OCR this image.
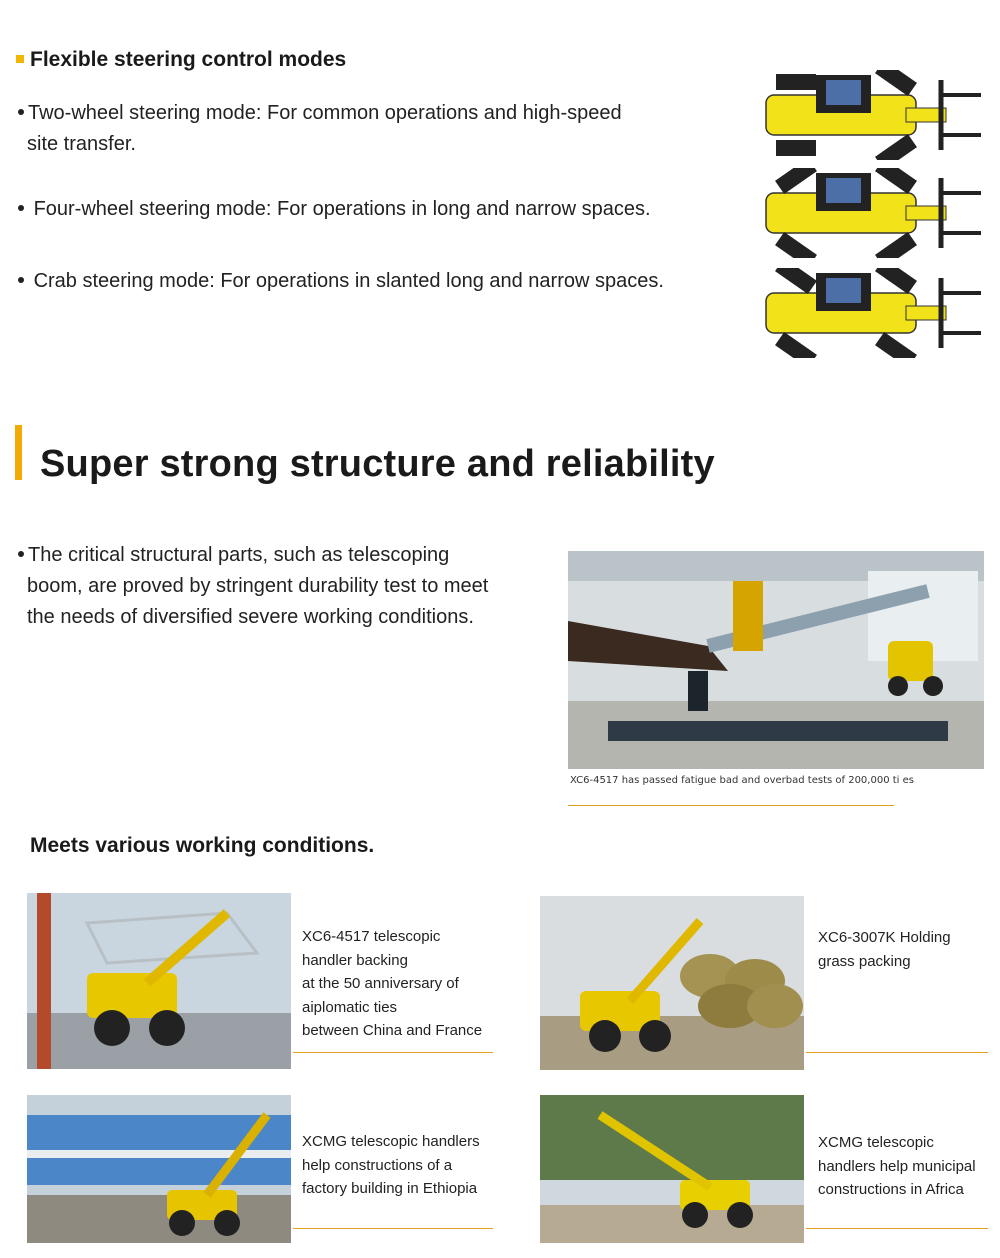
Flexible steering control modes
Two-wheel steering mode: For common operations and high-speed
site transfer.
Four-wheel steering mode: For operations in long and narrow spaces.
Crab steering mode: For operations in slanted long and narrow spaces.
Super strong structure and reliability
The critical structural parts, such as telescoping
boom, are proved by stringent durability test to meet
the needs of diversified severe working conditions.
XC6-4517 has passed fatigue bad and overbad tests of 200,000 ti es
Meets various working conditions.
XC6-4517 telescopic
handler backing
at the 50 anniversary of
aiplomatic ties
between China and France
XC6-3007K Holding
grass packing
XCMG telescopic handlers
help constructions of a
factory building in Ethiopia
XCMG telescopic
handlers help municipal
constructions in Africa
